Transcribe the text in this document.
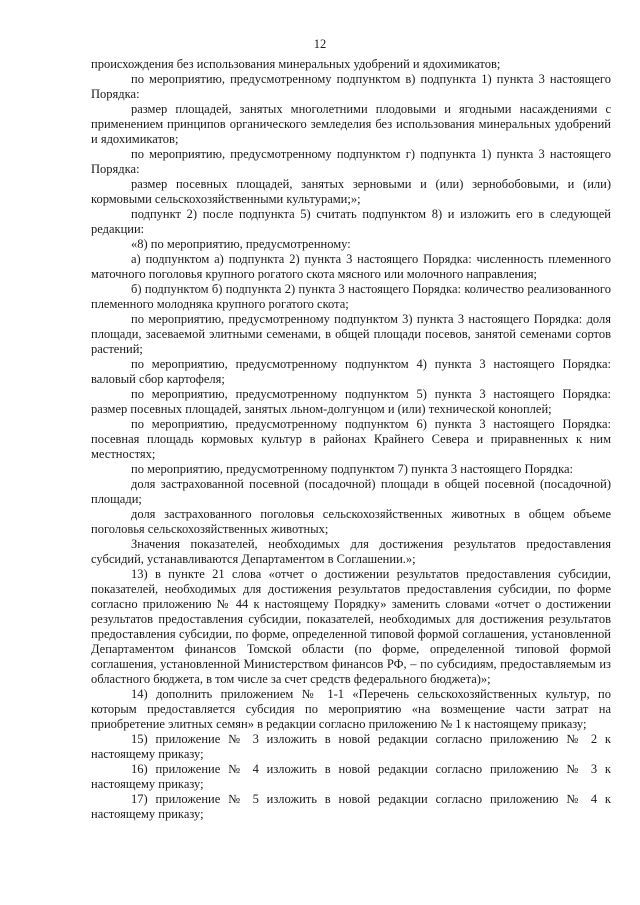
12

происхождения без использования минеральных удобрений и ядохимикатов;

по мероприятию, предусмотренному подпунктом в) подпункта 1) пункта 3 настоящего Порядка:

размер площадей, занятых многолетними плодовыми и ягодными насаждениями с применением принципов органического земледелия без использования минеральных удобрений и ядохимикатов;

по мероприятию, предусмотренному подпунктом г) подпункта 1) пункта 3 настоящего Порядка:

размер посевных площадей, занятых зерновыми и (или) зернобобовыми, и (или) кормовыми сельскохозяйственными культурами;»;

подпункт 2) после подпункта 5) считать подпунктом 8) и изложить его в следующей редакции:

«8) по мероприятию, предусмотренному:

а) подпунктом а) подпункта 2) пункта 3 настоящего Порядка: численность племенного маточного поголовья крупного рогатого скота мясного или молочного направления;

б) подпунктом б) подпункта 2) пункта 3 настоящего Порядка: количество реализованного племенного молодняка крупного рогатого скота;

по мероприятию, предусмотренному подпунктом 3) пункта 3 настоящего Порядка: доля площади, засеваемой элитными семенами, в общей площади посевов, занятой семенами сортов растений;

по мероприятию, предусмотренному подпунктом 4) пункта 3 настоящего Порядка: валовый сбор картофеля;

по мероприятию, предусмотренному подпунктом 5) пункта 3 настоящего Порядка: размер посевных площадей, занятых льном-долгунцом и (или) технической коноплей;

по мероприятию, предусмотренному подпунктом 6) пункта 3 настоящего Порядка: посевная площадь кормовых культур в районах Крайнего Севера и приравненных к ним местностях;

по мероприятию, предусмотренному подпунктом 7) пункта 3 настоящего Порядка:

доля застрахованной посевной (посадочной) площади в общей посевной (посадочной) площади;

доля застрахованного поголовья сельскохозяйственных животных в общем объеме поголовья сельскохозяйственных животных;

Значения показателей, необходимых для достижения результатов предоставления субсидий, устанавливаются Департаментом в Соглашении.»;

13) в пункте 21 слова «отчет о достижении результатов предоставления субсидии, показателей, необходимых для достижения результатов предоставления субсидии, по форме согласно приложению № 44 к настоящему Порядку» заменить словами «отчет о достижении результатов предоставления субсидии, показателей, необходимых для достижения результатов предоставления субсидии, по форме, определенной типовой формой соглашения, установленной Департаментом финансов Томской области (по форме, определенной типовой формой соглашения, установленной Министерством финансов РФ, – по субсидиям, предоставляемым из областного бюджета, в том числе за счет средств федерального бюджета)»;

14) дополнить приложением № 1-1 «Перечень сельскохозяйственных культур, по которым предоставляется субсидия по мероприятию «на возмещение части затрат на приобретение элитных семян» в редакции согласно приложению № 1 к настоящему приказу;

15) приложение № 3 изложить в новой редакции согласно приложению № 2 к настоящему приказу;

16) приложение № 4 изложить в новой редакции согласно приложению № 3 к настоящему приказу;

17) приложение № 5 изложить в новой редакции согласно приложению № 4 к настоящему приказу;
